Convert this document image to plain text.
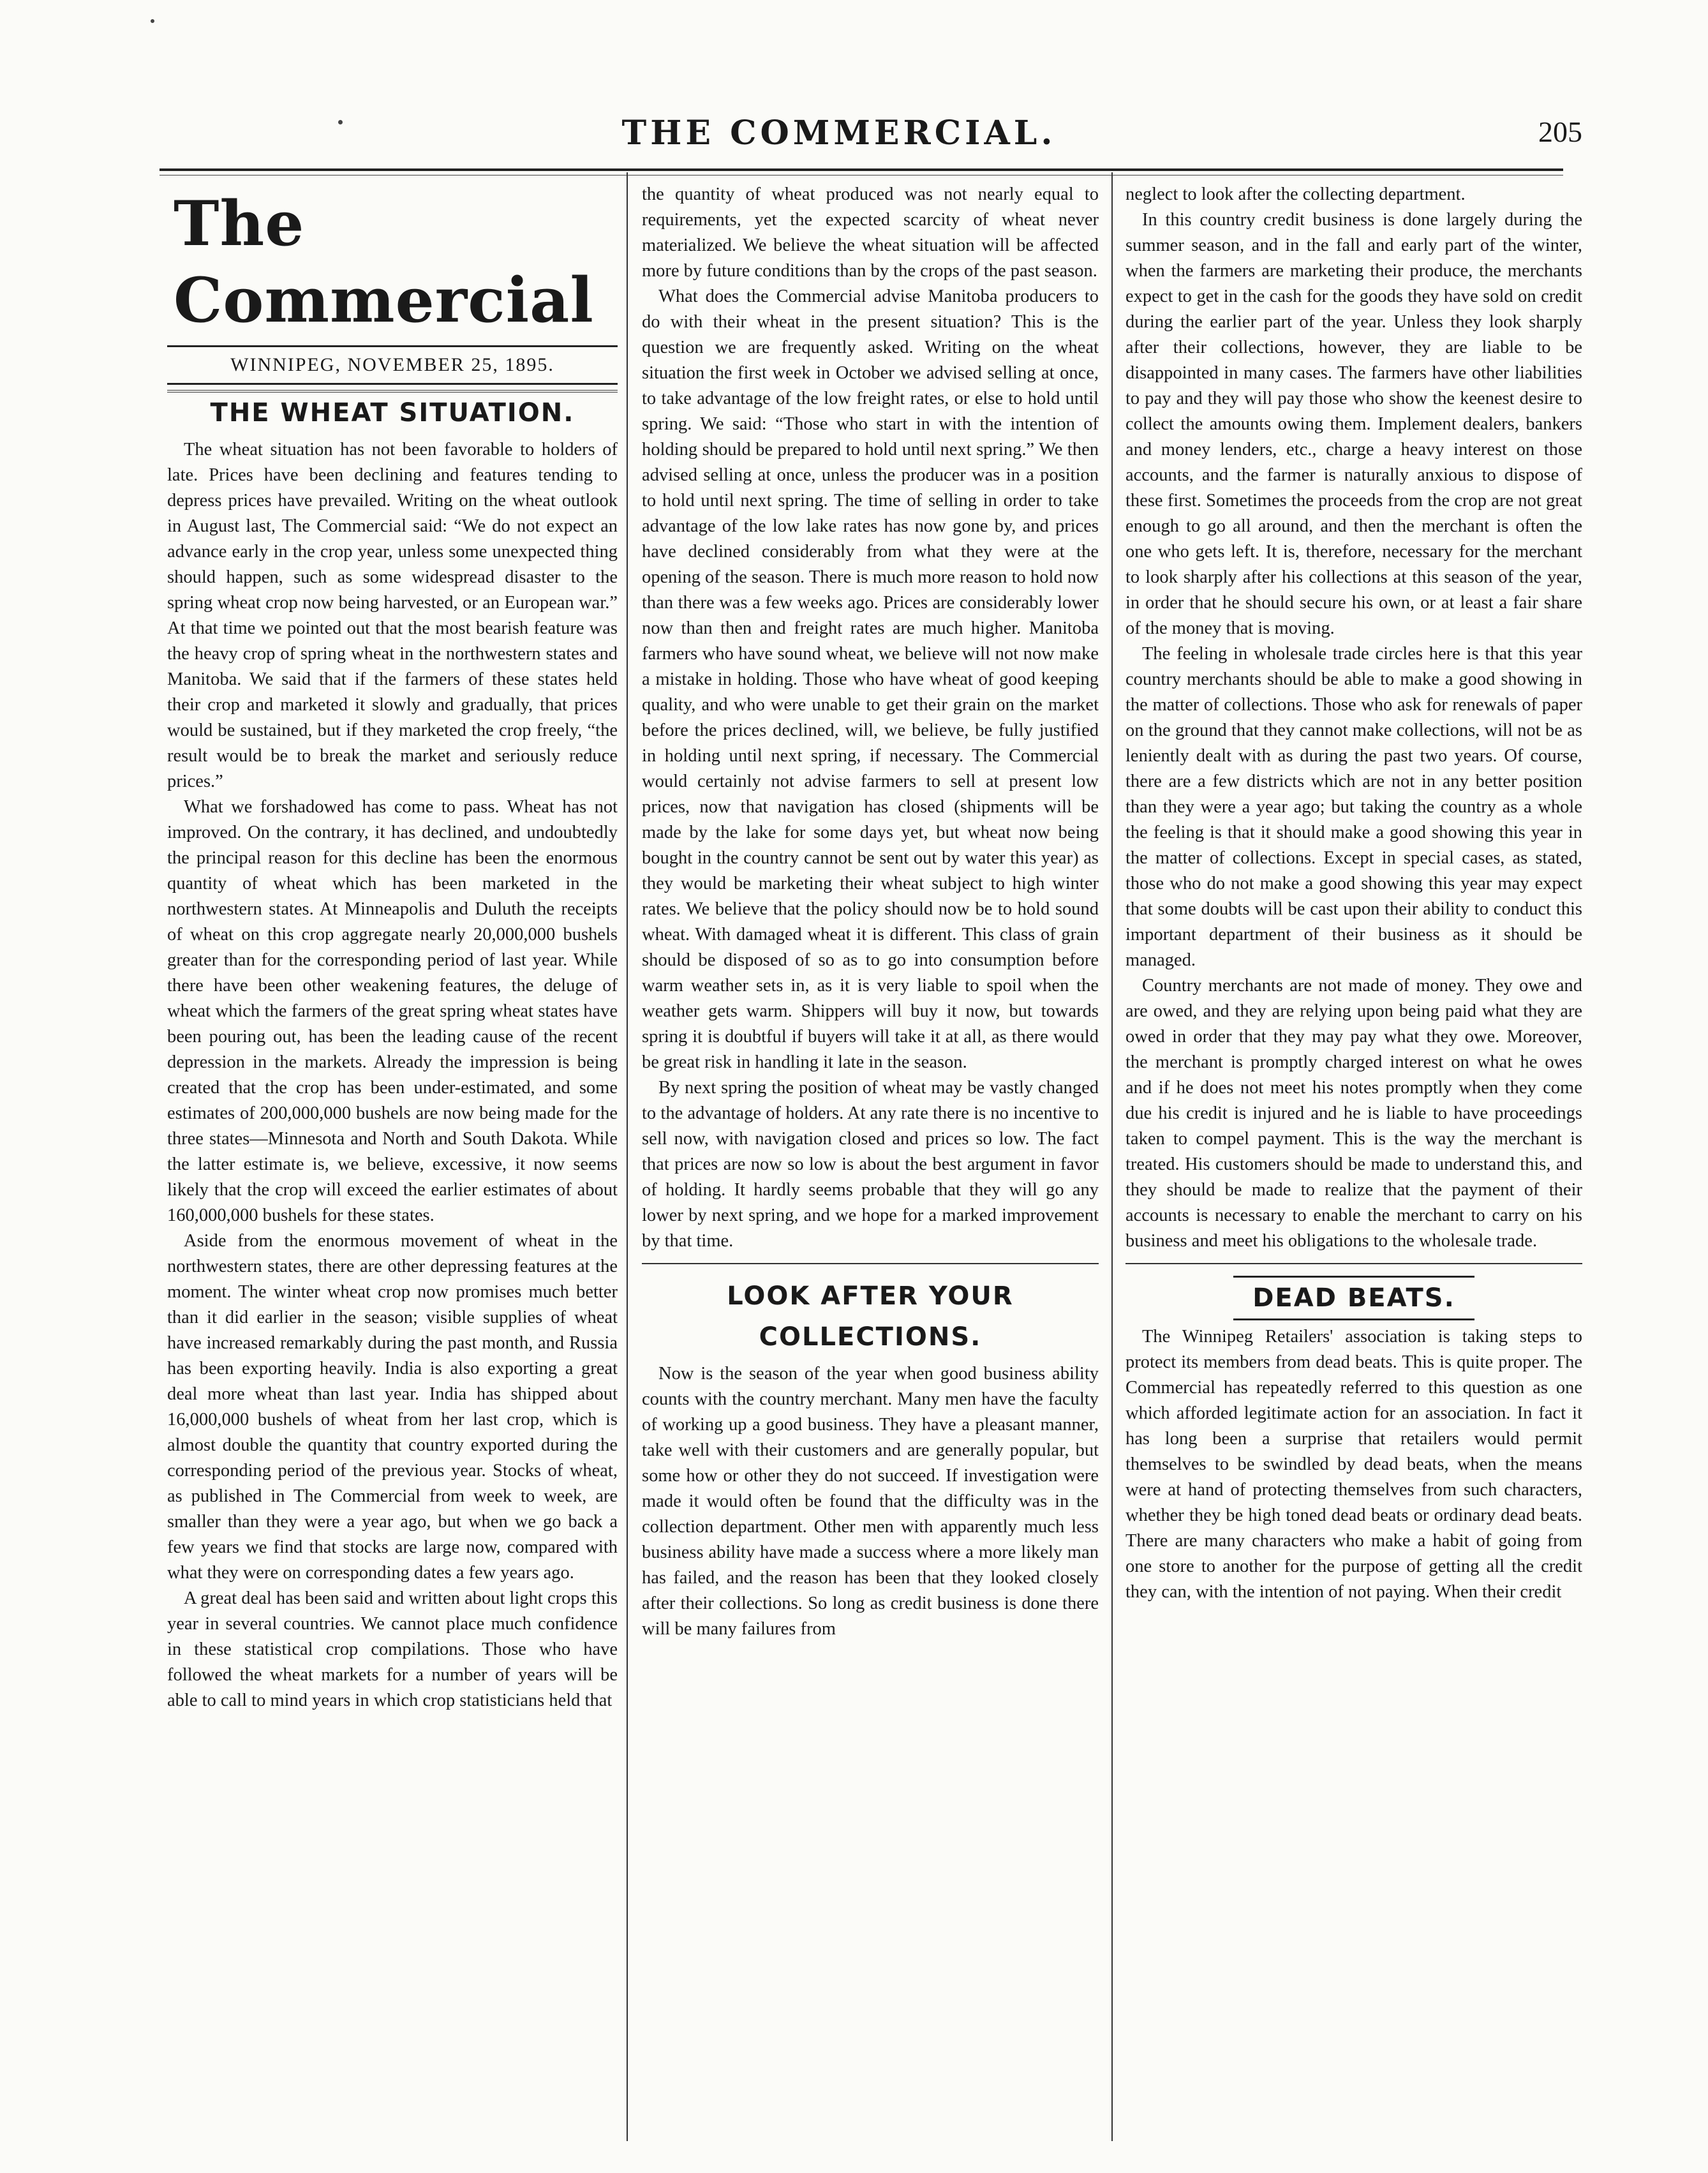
THE COMMERCIAL.	205
The Commercial
WINNIPEG, NOVEMBER 25, 1895.
THE WHEAT SITUATION.

The wheat situation has not been favorable to holders of late. Prices have been declining and features tending to depress prices have prevailed. Writing on the wheat outlook in August last, The Commercial said: “We do not expect an advance early in the crop year, unless some unexpected thing should happen, such as some widespread disaster to the spring wheat crop now being harvested, or an European war.” At that time we pointed out that the most bearish feature was the heavy crop of spring wheat in the northwestern states and Manitoba. We said that if the farmers of these states held their crop and marketed it slowly and gradually, that prices would be sustained, but if they marketed the crop freely, “the result would be to break the market and seriously reduce prices.”

What we forshadowed has come to pass. Wheat has not improved. On the contrary, it has declined, and undoubtedly the principal reason for this decline has been the enormous quantity of wheat which has been marketed in the northwestern states. At Minneapolis and Duluth the receipts of wheat on this crop aggregate nearly 20,000,000 bushels greater than for the corresponding period of last year. While there have been other weakening features, the deluge of wheat which the farmers of the great spring wheat states have been pouring out, has been the leading cause of the recent depression in the markets. Already the impression is being created that the crop has been under-estimated, and some estimates of 200,000,000 bushels are now being made for the three states—Minnesota and North and South Dakota. While the latter estimate is, we believe, excessive, it now seems likely that the crop will exceed the earlier estimates of about 160,000,000 bushels for these states.

Aside from the enormous movement of wheat in the northwestern states, there are other depressing features at the moment. The winter wheat crop now promises much better than it did earlier in the season; visible supplies of wheat have increased remarkably during the past month, and Russia has been exporting heavily. India is also exporting a great deal more wheat than last year. India has shipped about 16,000,000 bushels of wheat from her last crop, which is almost double the quantity that country exported during the corresponding period of the previous year. Stocks of wheat, as published in The Commercial from week to week, are smaller than they were a year ago, but when we go back a few years we find that stocks are large now, compared with what they were on corresponding dates a few years ago.

A great deal has been said and written about light crops this year in several countries. We cannot place much confidence in these statistical crop compilations. Those who have followed the wheat markets for a number of years will be able to call to mind years in which crop statisticians held that

the quantity of wheat produced was not nearly equal to requirements, yet the expected scarcity of wheat never materialized. We believe the wheat situation will be affected more by future conditions than by the crops of the past season.

What does the Commercial advise Manitoba producers to do with their wheat in the present situation? This is the question we are frequently asked. Writing on the wheat situation the first week in October we advised selling at once, to take advantage of the low freight rates, or else to hold until spring. We said: “Those who start in with the intention of holding should be prepared to hold until next spring.” We then advised selling at once, unless the producer was in a position to hold until next spring. The time of selling in order to take advantage of the low lake rates has now gone by, and prices have declined considerably from what they were at the opening of the season. There is much more reason to hold now than there was a few weeks ago. Prices are considerably lower now than then and freight rates are much higher. Manitoba farmers who have sound wheat, we believe will not now make a mistake in holding. Those who have wheat of good keeping quality, and who were unable to get their grain on the market before the prices declined, will, we believe, be fully justified in holding until next spring, if necessary. The Commercial would certainly not advise farmers to sell at present low prices, now that navigation has closed (shipments will be made by the lake for some days yet, but wheat now being bought in the country cannot be sent out by water this year) as they would be marketing their wheat subject to high winter rates. We believe that the policy should now be to hold sound wheat. With damaged wheat it is different. This class of grain should be disposed of so as to go into consumption before warm weather sets in, as it is very liable to spoil when the weather gets warm. Shippers will buy it now, but towards spring it is doubtful if buyers will take it at all, as there would be great risk in handling it late in the season.

By next spring the position of wheat may be vastly changed to the advantage of holders. At any rate there is no incentive to sell now, with navigation closed and prices so low. The fact that prices are now so low is about the best argument in favor of holding. It hardly seems probable that they will go any lower by next spring, and we hope for a marked improvement by that time.

LOOK AFTER YOUR COLLECTIONS.

Now is the season of the year when good business ability counts with the country merchant. Many men have the faculty of working up a good business. They have a pleasant manner, take well with their customers and are generally popular, but some how or other they do not succeed. If investigation were made it would often be found that the difficulty was in the collection department. Other men with apparently much less business ability have made a success where a more likely man has failed, and the reason has been that they looked closely after their collections. So long as credit business is done there will be many failures from

neglect to look after the collecting department.

In this country credit business is done largely during the summer season, and in the fall and early part of the winter, when the farmers are marketing their produce, the merchants expect to get in the cash for the goods they have sold on credit during the earlier part of the year. Unless they look sharply after their collections, however, they are liable to be disappointed in many cases. The farmers have other liabilities to pay and they will pay those who show the keenest desire to collect the amounts owing them. Implement dealers, bankers and money lenders, etc., charge a heavy interest on those accounts, and the farmer is naturally anxious to dispose of these first. Sometimes the proceeds from the crop are not great enough to go all around, and then the merchant is often the one who gets left. It is, therefore, necessary for the merchant to look sharply after his collections at this season of the year, in order that he should secure his own, or at least a fair share of the money that is moving.

The feeling in wholesale trade circles here is that this year country merchants should be able to make a good showing in the matter of collections. Those who ask for renewals of paper on the ground that they cannot make collections, will not be as leniently dealt with as during the past two years. Of course, there are a few districts which are not in any better position than they were a year ago; but taking the country as a whole the feeling is that it should make a good showing this year in the matter of collections. Except in special cases, as stated, those who do not make a good showing this year may expect that some doubts will be cast upon their ability to conduct this important department of their business as it should be managed.

Country merchants are not made of money. They owe and are owed, and they are relying upon being paid what they are owed in order that they may pay what they owe. Moreover, the merchant is promptly charged interest on what he owes and if he does not meet his notes promptly when they come due his credit is injured and he is liable to have proceedings taken to compel payment. This is the way the merchant is treated. His customers should be made to understand this, and they should be made to realize that the payment of their accounts is necessary to enable the merchant to carry on his business and meet his obligations to the wholesale trade.

DEAD BEATS.

The Winnipeg Retailers' association is taking steps to protect its members from dead beats. This is quite proper. The Commercial has repeatedly referred to this question as one which afforded legitimate action for an association. In fact it has long been a surprise that retailers would permit themselves to be swindled by dead beats, when the means were at hand of protecting themselves from such characters, whether they be high toned dead beats or ordinary dead beats. There are many characters who make a habit of going from one store to another for the purpose of getting all the credit they can, with the intention of not paying. When their credit
